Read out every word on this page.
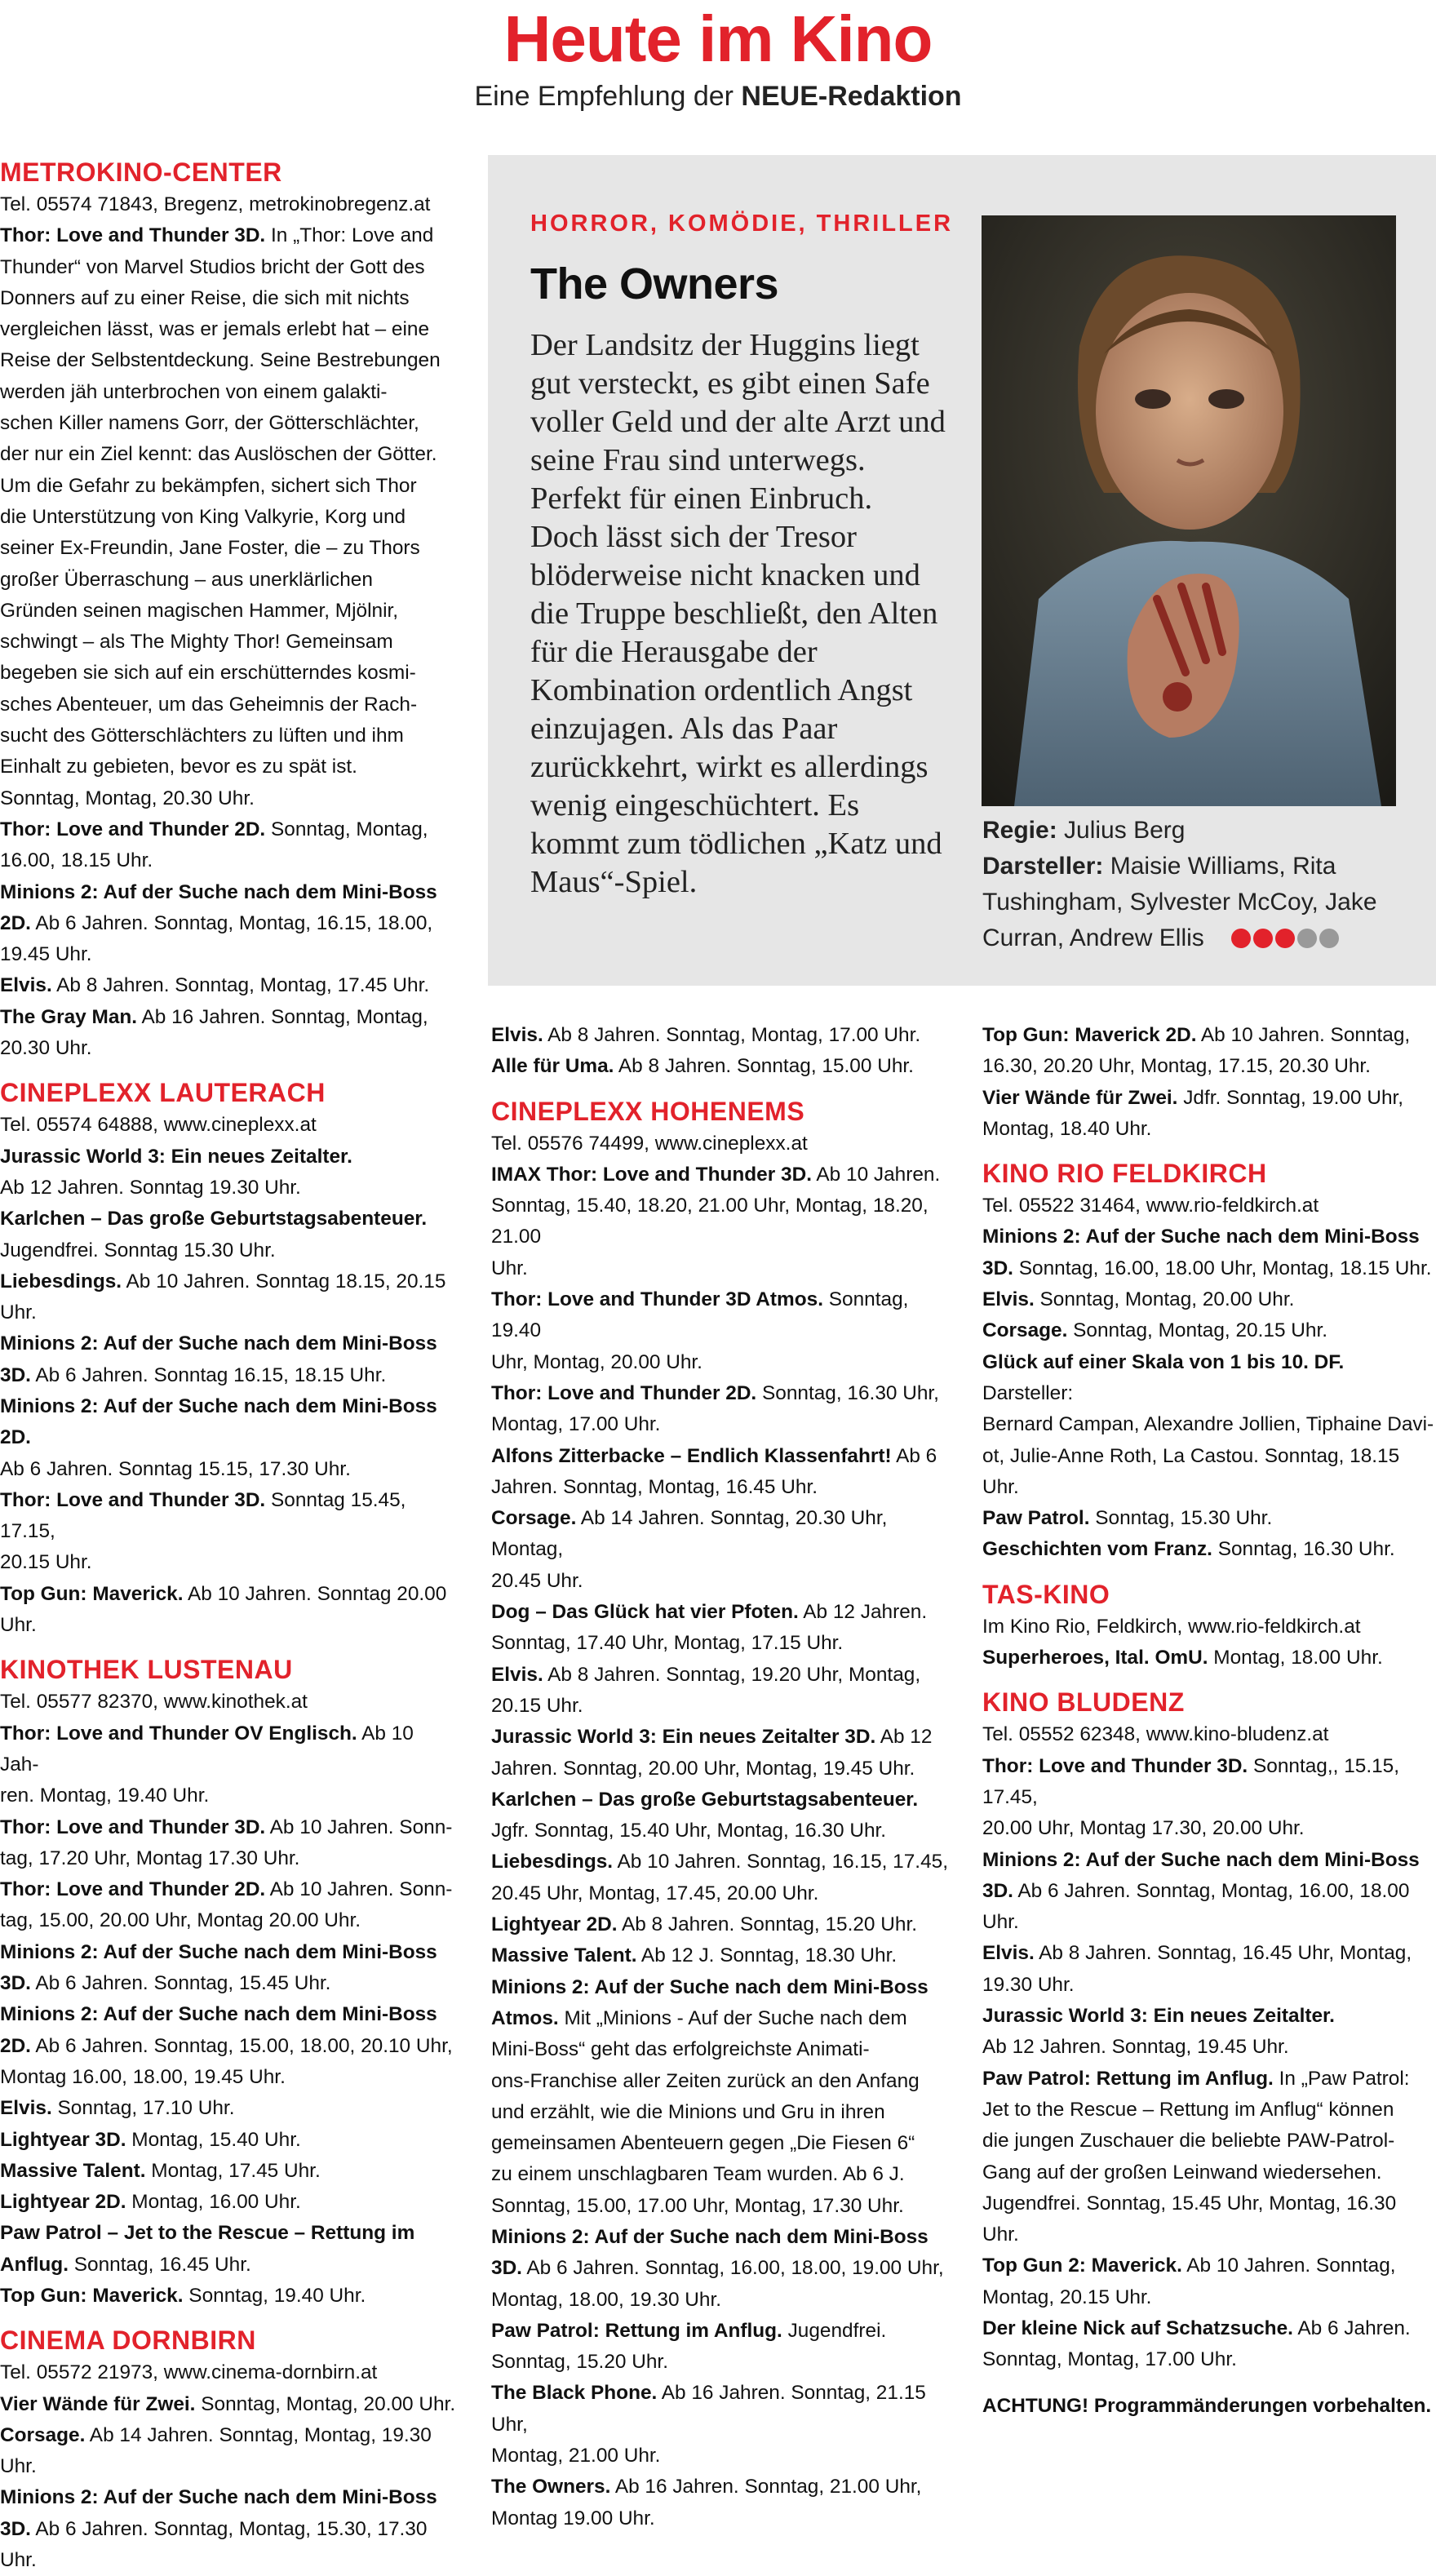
Heute im Kino
Eine Empfehlung der NEUE-Redaktion
METROKINO-CENTER
Tel. 05574 71843, Bregenz, metrokinobregenz.at
Thor: Love and Thunder 3D. In „Thor: Love and
Thunder“ von Marvel Studios bricht der Gott des
Donners auf zu einer Reise, die sich mit nichts
vergleichen lässt, was er jemals erlebt hat – eine
Reise der Selbstentdeckung. Seine Bestrebungen
werden jäh unterbrochen von einem galakti-
schen Killer namens Gorr, der Götterschlächter,
der nur ein Ziel kennt: das Auslöschen der Götter.
Um die Gefahr zu bekämpfen, sichert sich Thor
die Unterstützung von King Valkyrie, Korg und
seiner Ex-Freundin, Jane Foster, die – zu Thors
großer Überraschung – aus unerklärlichen
Gründen seinen magischen Hammer, Mjölnir,
schwingt – als The Mighty Thor! Gemeinsam
begeben sie sich auf ein erschütterndes kosmi-
sches Abenteuer, um das Geheimnis der Rach-
sucht des Götterschlächters zu lüften und ihm
Einhalt zu gebieten, bevor es zu spät ist.
Sonntag, Montag, 20.30 Uhr.
Thor: Love and Thunder 2D. Sonntag, Montag,
16.00, 18.15 Uhr.
Minions 2: Auf der Suche nach dem Mini-Boss
2D. Ab 6 Jahren. Sonntag, Montag, 16.15, 18.00,
19.45 Uhr.
Elvis. Ab 8 Jahren. Sonntag, Montag, 17.45 Uhr.
The Gray Man. Ab 16 Jahren. Sonntag, Montag,
20.30 Uhr.
CINEPLEXX LAUTERACH
Tel. 05574 64888, www.cineplexx.at
Jurassic World 3: Ein neues Zeitalter.
Ab 12 Jahren. Sonntag 19.30 Uhr.
Karlchen – Das große Geburtstagsabenteuer.
Jugendfrei. Sonntag 15.30 Uhr.
Liebesdings. Ab 10 Jahren. Sonntag 18.15, 20.15 Uhr.
Minions 2: Auf der Suche nach dem Mini-Boss
3D. Ab 6 Jahren. Sonntag 16.15, 18.15 Uhr.
Minions 2: Auf der Suche nach dem Mini-Boss 2D.
Ab 6 Jahren. Sonntag 15.15, 17.30 Uhr.
Thor: Love and Thunder 3D. Sonntag 15.45, 17.15,
20.15 Uhr.
Top Gun: Maverick. Ab 10 Jahren. Sonntag 20.00
Uhr.
KINOTHEK LUSTENAU
Tel. 05577 82370, www.kinothek.at
Thor: Love and Thunder OV Englisch. Ab 10 Jah-
ren. Montag, 19.40 Uhr.
Thor: Love and Thunder 3D. Ab 10 Jahren. Sonn-
tag, 17.20 Uhr, Montag 17.30 Uhr.
Thor: Love and Thunder 2D. Ab 10 Jahren. Sonn-
tag, 15.00, 20.00 Uhr, Montag 20.00 Uhr.
Minions 2: Auf der Suche nach dem Mini-Boss
3D. Ab 6 Jahren. Sonntag, 15.45 Uhr.
Minions 2: Auf der Suche nach dem Mini-Boss
2D. Ab 6 Jahren. Sonntag, 15.00, 18.00, 20.10 Uhr,
Montag 16.00, 18.00, 19.45 Uhr.
Elvis. Sonntag, 17.10 Uhr.
Lightyear 3D. Montag, 15.40 Uhr.
Massive Talent. Montag, 17.45 Uhr.
Lightyear 2D. Montag, 16.00 Uhr.
Paw Patrol – Jet to the Rescue – Rettung im
Anflug. Sonntag, 16.45 Uhr.
Top Gun: Maverick. Sonntag, 19.40 Uhr.
CINEMA DORNBIRN
Tel. 05572 21973, www.cinema-dornbirn.at
Vier Wände für Zwei. Sonntag, Montag, 20.00 Uhr.
Corsage. Ab 14 Jahren. Sonntag, Montag, 19.30 Uhr.
Minions 2: Auf der Suche nach dem Mini-Boss
3D. Ab 6 Jahren. Sonntag, Montag, 15.30, 17.30 Uhr.
HORROR, KOMÖDIE, THRILLER
The Owners
Der Landsitz der Huggins liegt gut versteckt, es gibt einen Safe voller Geld und der alte Arzt und seine Frau sind unterwegs. Perfekt für einen Einbruch. Doch lässt sich der Tresor blöderweise nicht knacken und die Truppe beschließt, den Alten für die Herausgabe der Kombination ordentlich Angst einzujagen. Als das Paar zurückkehrt, wirkt es allerdings wenig eingeschüchtert. Es kommt zum tödlichen „Katz und Maus“-Spiel.
Regie: Julius Berg
Darsteller: Maisie Williams, Rita Tushingham, Sylvester McCoy, Jake Curran, Andrew Ellis
Elvis. Ab 8 Jahren. Sonntag, Montag, 17.00 Uhr.
Alle für Uma. Ab 8 Jahren. Sonntag, 15.00 Uhr.
CINEPLEXX HOHENEMS
Tel. 05576 74499, www.cineplexx.at
IMAX Thor: Love and Thunder 3D. Ab 10 Jahren.
Sonntag, 15.40, 18.20, 21.00 Uhr, Montag, 18.20, 21.00
Uhr.
Thor: Love and Thunder 3D Atmos. Sonntag, 19.40
Uhr, Montag, 20.00 Uhr.
Thor: Love and Thunder 2D. Sonntag, 16.30 Uhr,
Montag, 17.00 Uhr.
Alfons Zitterbacke – Endlich Klassenfahrt! Ab 6
Jahren. Sonntag, Montag, 16.45 Uhr.
Corsage. Ab 14 Jahren. Sonntag, 20.30 Uhr, Montag,
20.45 Uhr.
Dog – Das Glück hat vier Pfoten. Ab 12 Jahren.
Sonntag, 17.40 Uhr, Montag, 17.15 Uhr.
Elvis. Ab 8 Jahren. Sonntag, 19.20 Uhr, Montag,
20.15 Uhr.
Jurassic World 3: Ein neues Zeitalter 3D. Ab 12
Jahren. Sonntag, 20.00 Uhr, Montag, 19.45 Uhr.
Karlchen – Das große Geburtstagsabenteuer.
Jgfr. Sonntag, 15.40 Uhr, Montag, 16.30 Uhr.
Liebesdings. Ab 10 Jahren. Sonntag, 16.15, 17.45,
20.45 Uhr, Montag, 17.45, 20.00 Uhr.
Lightyear 2D. Ab 8 Jahren. Sonntag, 15.20 Uhr.
Massive Talent. Ab 12 J. Sonntag, 18.30 Uhr.
Minions 2: Auf der Suche nach dem Mini-Boss
Atmos. Mit „Minions - Auf der Suche nach dem
Mini-Boss“ geht das erfolgreichste Animati-
ons-Franchise aller Zeiten zurück an den Anfang
und erzählt, wie die Minions und Gru in ihren
gemeinsamen Abenteuern gegen „Die Fiesen 6“
zu einem unschlagbaren Team wurden. Ab 6 J.
Sonntag, 15.00, 17.00 Uhr, Montag, 17.30 Uhr.
Minions 2: Auf der Suche nach dem Mini-Boss
3D. Ab 6 Jahren. Sonntag, 16.00, 18.00, 19.00 Uhr,
Montag, 18.00, 19.30 Uhr.
Paw Patrol: Rettung im Anflug. Jugendfrei.
Sonntag, 15.20 Uhr.
The Black Phone. Ab 16 Jahren. Sonntag, 21.15 Uhr,
Montag, 21.00 Uhr.
The Owners. Ab 16 Jahren. Sonntag, 21.00 Uhr,
Montag 19.00 Uhr.
Top Gun: Maverick 2D. Ab 10 Jahren. Sonntag,
16.30, 20.20 Uhr, Montag, 17.15, 20.30 Uhr.
Vier Wände für Zwei. Jdfr. Sonntag, 19.00 Uhr,
Montag, 18.40 Uhr.
KINO RIO FELDKIRCH
Tel. 05522 31464, www.rio-feldkirch.at
Minions 2: Auf der Suche nach dem Mini-Boss
3D. Sonntag, 16.00, 18.00 Uhr, Montag, 18.15 Uhr.
Elvis. Sonntag, Montag, 20.00 Uhr.
Corsage. Sonntag, Montag, 20.15 Uhr.
Glück auf einer Skala von 1 bis 10. DF. Darsteller:
Bernard Campan, Alexandre Jollien, Tiphaine Davi-
ot, Julie-Anne Roth, La Castou. Sonntag, 18.15 Uhr.
Paw Patrol. Sonntag, 15.30 Uhr.
Geschichten vom Franz. Sonntag, 16.30 Uhr.
TAS-KINO
Im Kino Rio, Feldkirch, www.rio-feldkirch.at
Superheroes, Ital. OmU. Montag, 18.00 Uhr.
KINO BLUDENZ
Tel. 05552 62348, www.kino-bludenz.at
Thor: Love and Thunder 3D. Sonntag,, 15.15, 17.45,
20.00 Uhr, Montag 17.30, 20.00 Uhr.
Minions 2: Auf der Suche nach dem Mini-Boss
3D. Ab 6 Jahren. Sonntag, Montag, 16.00, 18.00 Uhr.
Elvis. Ab 8 Jahren. Sonntag, 16.45 Uhr, Montag,
19.30 Uhr.
Jurassic World 3: Ein neues Zeitalter.
Ab 12 Jahren. Sonntag, 19.45 Uhr.
Paw Patrol: Rettung im Anflug. In „Paw Patrol:
Jet to the Rescue – Rettung im Anflug“ können
die jungen Zuschauer die beliebte PAW-Patrol-
Gang auf der großen Leinwand wiedersehen.
Jugendfrei. Sonntag, 15.45 Uhr, Montag, 16.30 Uhr.
Top Gun 2: Maverick. Ab 10 Jahren. Sonntag,
Montag, 20.15 Uhr.
Der kleine Nick auf Schatzsuche. Ab 6 Jahren.
Sonntag, Montag, 17.00 Uhr.
ACHTUNG! Programmänderungen vorbehalten.
